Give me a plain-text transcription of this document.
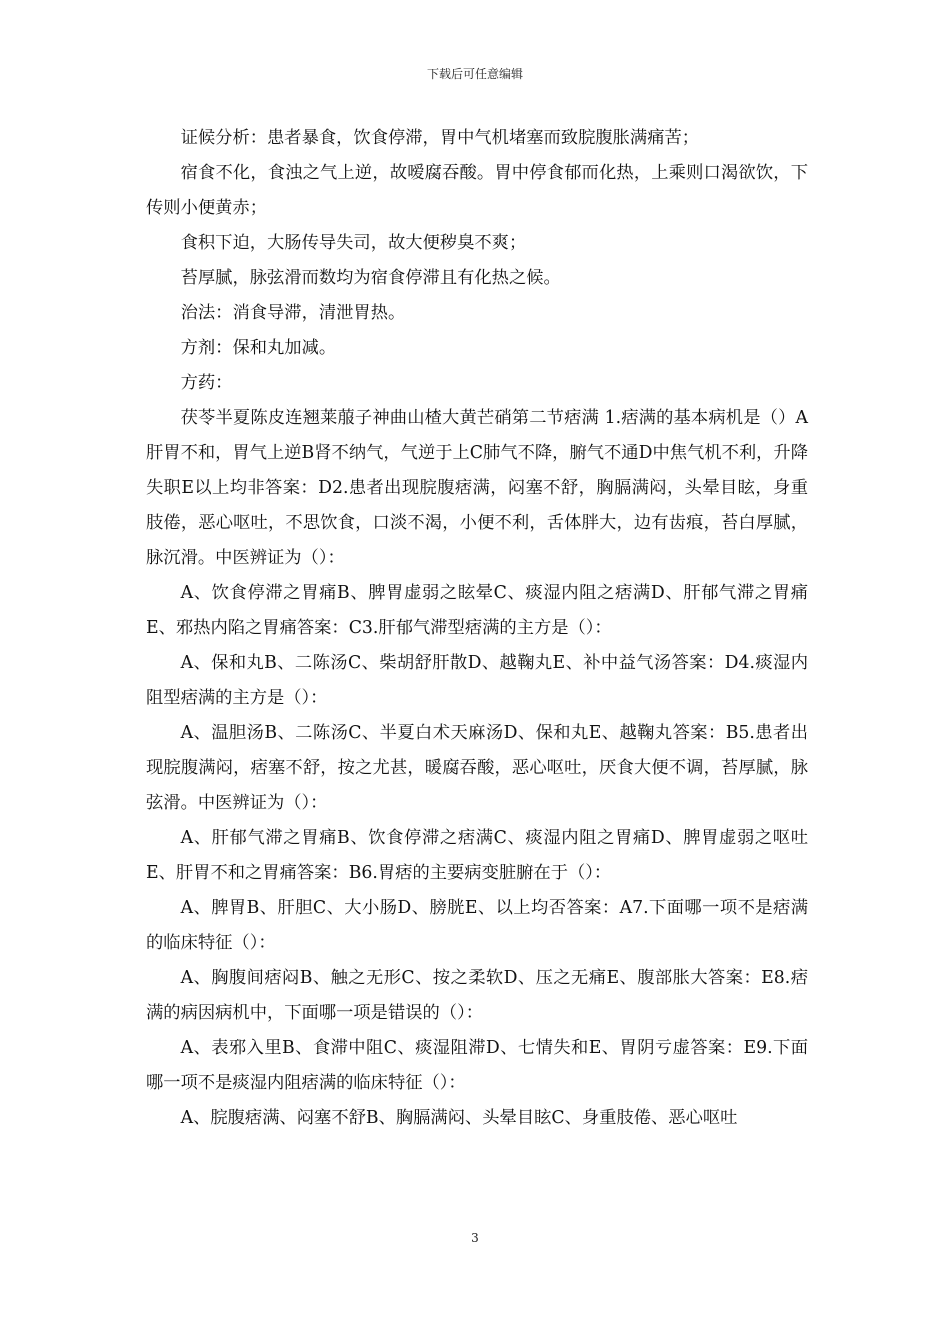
下载后可任意编辑

证候分析：患者暴食，饮食停滞，胃中气机堵塞而致脘腹胀满痛苦；

宿食不化，食浊之气上逆，故嗳腐吞酸。胃中停食郁而化热，上乘则口渴欲饮，下传则小便黄赤；

食积下迫，大肠传导失司，故大便秽臭不爽；

苔厚腻，脉弦滑而数均为宿食停滞且有化热之候。

治法：消食导滞，清泄胃热。

方剂：保和丸加减。

方药：

茯苓半夏陈皮连翘莱菔子神曲山楂大黄芒硝第二节痞满 1.痞满的基本病机是（）A肝胃不和，胃气上逆B肾不纳气，气逆于上C肺气不降，腑气不通D中焦气机不利，升降失职E以上均非答案：D2.患者出现脘腹痞满，闷塞不舒，胸膈满闷，头晕目眩，身重肢倦，恶心呕吐，不思饮食，口淡不渴，小便不利，舌体胖大，边有齿痕，苔白厚腻，脉沉滑。中医辨证为（）：

A、饮食停滞之胃痛B、脾胃虚弱之眩晕C、痰湿内阻之痞满D、肝郁气滞之胃痛E、邪热内陷之胃痛答案：C3.肝郁气滞型痞满的主方是（）：

A、保和丸B、二陈汤C、柴胡舒肝散D、越鞠丸E、补中益气汤答案：D4.痰湿内阻型痞满的主方是（）：

A、温胆汤B、二陈汤C、半夏白术天麻汤D、保和丸E、越鞠丸答案：B5.患者出现脘腹满闷，痞塞不舒，按之尤甚，暖腐吞酸，恶心呕吐，厌食大便不调，苔厚腻，脉弦滑。中医辨证为（）：

A、肝郁气滞之胃痛B、饮食停滞之痞满C、痰湿内阻之胃痛D、脾胃虚弱之呕吐E、肝胃不和之胃痛答案：B6.胃痞的主要病变脏腑在于（）：

A、脾胃B、肝胆C、大小肠D、膀胱E、以上均否答案：A7.下面哪一项不是痞满的临床特征（）：

A、胸腹间痞闷B、触之无形C、按之柔软D、压之无痛E、腹部胀大答案：E8.痞满的病因病机中，下面哪一项是错误的（）：

A、表邪入里B、食滞中阻C、痰湿阻滞D、七情失和E、胃阴亏虚答案：E9.下面哪一项不是痰湿内阻痞满的临床特征（）：

A、脘腹痞满、闷塞不舒B、胸膈满闷、头晕目眩C、身重肢倦、恶心呕吐

3
